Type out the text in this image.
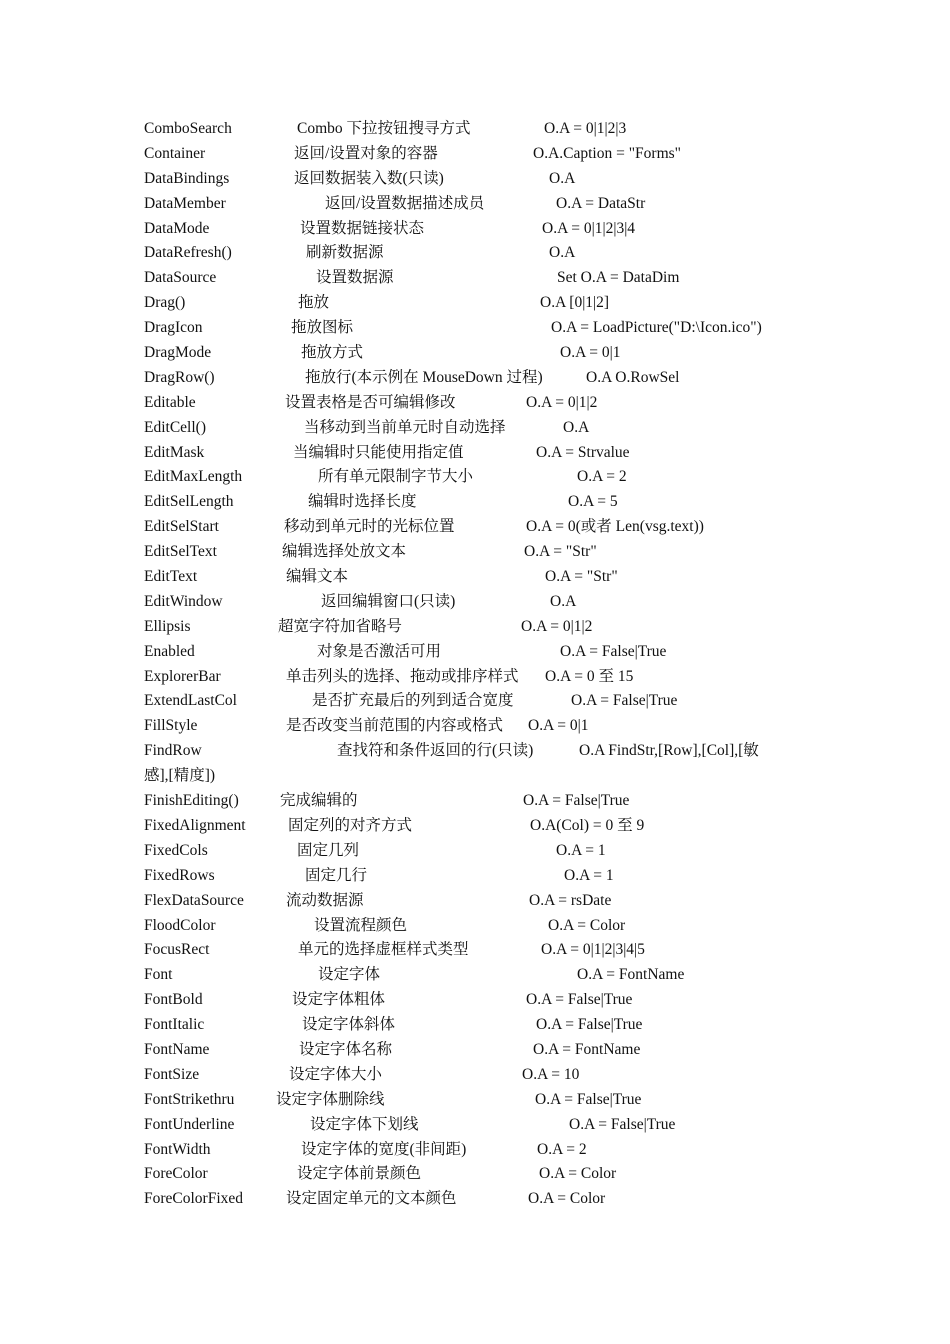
ComboSearch	Combo 下拉按钮搜寻方式	O.A = 0|1|2|3
Container	返回/设置对象的容器	O.A.Caption = "Forms"
DataBindings	返回数据装入数(只读)	O.A
DataMember	返回/设置数据描述成员	O.A = DataStr
DataMode	设置数据链接状态	O.A = 0|1|2|3|4
DataRefresh()	刷新数据源	O.A
DataSource	设置数据源	Set O.A = DataDim
Drag()	拖放	O.A [0|1|2]
DragIcon	拖放图标	O.A = LoadPicture("D:\Icon.ico")
DragMode	拖放方式	O.A = 0|1
DragRow()	拖放行(本示例在 MouseDown 过程)	O.A O.RowSel
Editable	设置表格是否可编辑修改	O.A = 0|1|2
EditCell()	当移动到当前单元时自动选择	O.A
EditMask	当编辑时只能使用指定值	O.A = Strvalue
EditMaxLength	所有单元限制字节大小	O.A = 2
EditSelLength	编辑时选择长度	O.A = 5
EditSelStart	移动到单元时的光标位置	O.A = 0(或者 Len(vsg.text))
EditSelText	编辑选择处放文本	O.A = "Str"
EditText	编辑文本	O.A = "Str"
EditWindow	返回编辑窗口(只读)	O.A
Ellipsis	超宽字符加省略号	O.A = 0|1|2
Enabled	对象是否激活可用	O.A = False|True
ExplorerBar	单击列头的选择、拖动或排序样式 O.A = 0 至 15
ExtendLastCol	是否扩充最后的列到适合宽度	O.A = False|True
FillStyle	是否改变当前范围的内容或格式 O.A = 0|1
FindRow	查找符和条件返回的行(只读)	O.A FindStr,[Row],[Col],[敏
感],[精度])
FinishEditing()	完成编辑的	O.A = False|True
FixedAlignment	固定列的对齐方式	O.A(Col) = 0 至 9
FixedCols	固定几列	O.A = 1
FixedRows	固定几行	O.A = 1
FlexDataSource	流动数据源	O.A = rsDate
FloodColor	设置流程颜色	O.A = Color
FocusRect	单元的选择虚框样式类型	O.A = 0|1|2|3|4|5
Font	设定字体	O.A = FontName
FontBold	设定字体粗体	O.A = False|True
FontItalic	设定字体斜体	O.A = False|True
FontName	设定字体名称	O.A = FontName
FontSize	设定字体大小	O.A = 10
FontStrikethru	设定字体删除线	O.A = False|True
FontUnderline	设定字体下划线	O.A = False|True
FontWidth	设定字体的宽度(非间距)	O.A = 2
ForeColor	设定字体前景颜色	O.A = Color
ForeColorFixed	设定固定单元的文本颜色	O.A = Color
